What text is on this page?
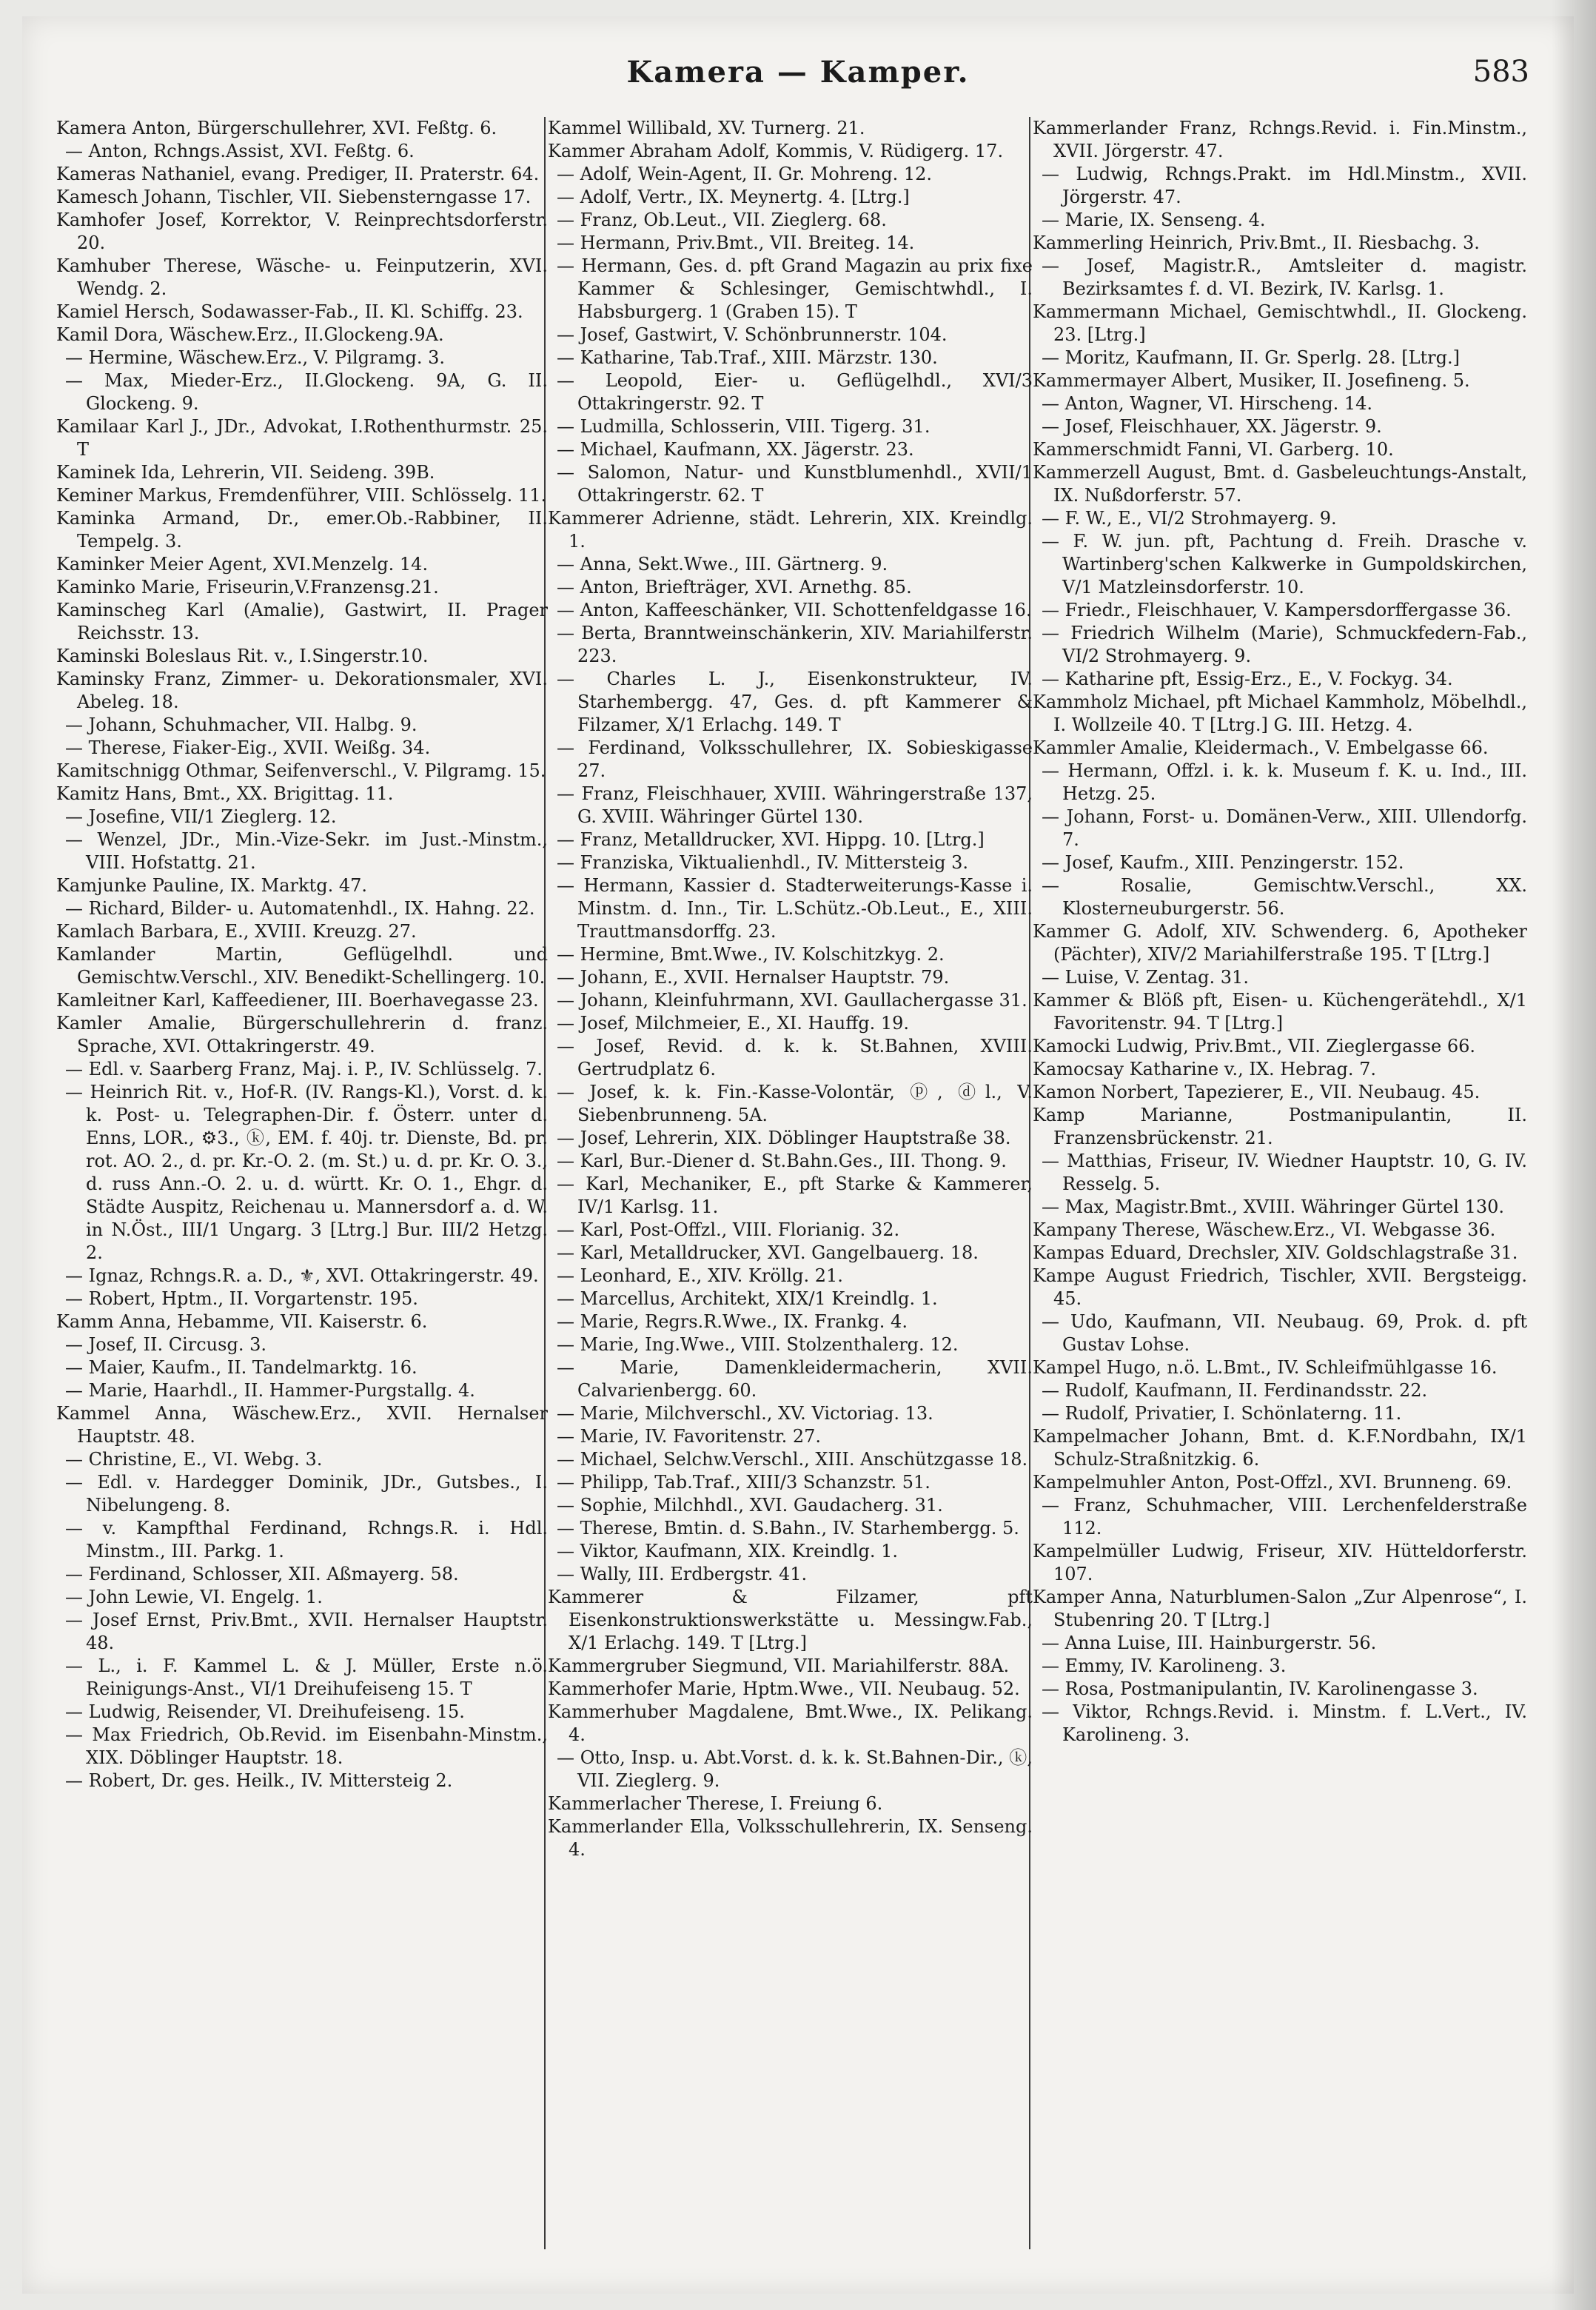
Kamera — Kamper.	583
Kamera Anton, Bürgerschullehrer, XVI. Feßtg. 6.
— Anton, Rchngs.Assist, XVI. Feßtg. 6.
Kameras Nathaniel, evang. Prediger, II. Praterstr. 64.
Kamesch Johann, Tischler, VII. Siebensterngasse 17.
Kamhofer Josef, Korrektor, V. Reinprechtsdorferstr. 20.
Kamhuber Therese, Wäsche- u. Feinputzerin, XVI. Wendg. 2.
Kamiel Hersch, Sodawasser-Fab., II. Kl. Schiffg. 23.
Kamil Dora, Wäschew.Erz., II.Glockeng.9A.
— Hermine, Wäschew.Erz., V. Pilgramg. 3.
— Max, Mieder-Erz., II.Glockeng. 9A, G. II. Glockeng. 9.
Kamilaar Karl J., JDr., Advokat, I.Rothenthurmstr. 25. T
Kaminek Ida, Lehrerin, VII. Seideng. 39B.
Keminer Markus, Fremdenführer, VIII. Schlösselg. 11.
Kaminka Armand, Dr., emer.Ob.-Rabbiner, II. Tempelg. 3.
Kaminker Meier Agent, XVI.Menzelg. 14.
Kaminko Marie, Friseurin,V.Franzensg.21.
Kaminscheg Karl (Amalie), Gastwirt, II. Prager Reichsstr. 13.
Kaminski Boleslaus Rit. v., I.Singerstr.10.
Kaminsky Franz, Zimmer- u. Dekorationsmaler, XVI. Abeleg. 18.
— Johann, Schuhmacher, VII. Halbg. 9.
— Therese, Fiaker-Eig., XVII. Weißg. 34.
Kamitschnigg Othmar, Seifenverschl., V. Pilgramg. 15.
Kamitz Hans, Bmt., XX. Brigittag. 11.
— Josefine, VII/1 Zieglerg. 12.
— Wenzel, JDr., Min.-Vize-Sekr. im Just.-Minstm., VIII. Hofstattg. 21.
Kamjunke Pauline, IX. Marktg. 47.
— Richard, Bilder- u. Automatenhdl., IX. Hahng. 22.
Kamlach Barbara, E., XVIII. Kreuzg. 27.
Kamlander Martin, Geflügelhdl. und Gemischtw.Verschl., XIV. Benedikt-Schellingerg. 10.
Kamleitner Karl, Kaffeediener, III. Boerhavegasse 23.
Kamler Amalie, Bürgerschullehrerin d. franz. Sprache, XVI. Ottakringerstr. 49.
— Edl. v. Saarberg Franz, Maj. i. P., IV. Schlüsselg. 7.
— Heinrich Rit. v., Hof-R. (IV. Rangs-Kl.), Vorst. d. k. k. Post- u. Telegraphen-Dir. f. Österr. unter d. Enns, LOR., ⚙3., ⓚ, EM. f. 40j. tr. Dienste, Bd. pr. rot. AO. 2., d. pr. Kr.-O. 2. (m. St.) u. d. pr. Kr. O. 3., d. russ Ann.-O. 2. u. d. württ. Kr. O. 1., Ehgr. d. Städte Auspitz, Reichenau u. Mannersdorf a. d. W. in N.Öst., III/1 Ungarg. 3 [Ltrg.] Bur. III/2 Hetzg. 2.
— Ignaz, Rchngs.R. a. D., ⚜, XVI. Ottakringerstr. 49.
— Robert, Hptm., II. Vorgartenstr. 195.
Kamm Anna, Hebamme, VII. Kaiserstr. 6.
— Josef, II. Circusg. 3.
— Maier, Kaufm., II. Tandelmarktg. 16.
— Marie, Haarhdl., II. Hammer-Purgstallg. 4.
Kammel Anna, Wäschew.Erz., XVII. Hernalser Hauptstr. 48.
— Christine, E., VI. Webg. 3.
— Edl. v. Hardegger Dominik, JDr., Gutsbes., I. Nibelungeng. 8.
— v. Kampfthal Ferdinand, Rchngs.R. i. Hdl. Minstm., III. Parkg. 1.
— Ferdinand, Schlosser, XII. Aßmayerg. 58.
— John Lewie, VI. Engelg. 1.
— Josef Ernst, Priv.Bmt., XVII. Hernalser Hauptstr. 48.
— L., i. F. Kammel L. & J. Müller, Erste n.ö. Reinigungs-Anst., VI/1 Dreihufeiseng 15. T
— Ludwig, Reisender, VI. Dreihufeiseng. 15.
— Max Friedrich, Ob.Revid. im Eisenbahn-Minstm., XIX. Döblinger Hauptstr. 18.
— Robert, Dr. ges. Heilk., IV. Mittersteig 2.
Kammel Willibald, XV. Turnerg. 21.
Kammer Abraham Adolf, Kommis, V. Rüdigerg. 17.
— Adolf, Wein-Agent, II. Gr. Mohreng. 12.
— Adolf, Vertr., IX. Meynertg. 4. [Ltrg.]
— Franz, Ob.Leut., VII. Zieglerg. 68.
— Hermann, Priv.Bmt., VII. Breiteg. 14.
— Hermann, Ges. d. pft Grand Magazin au prix fixe Kammer & Schlesinger, Gemischtwhdl., I. Habsburgerg. 1 (Graben 15). T
— Josef, Gastwirt, V. Schönbrunnerstr. 104.
— Katharine, Tab.Traf., XIII. Märzstr. 130.
— Leopold, Eier- u. Geflügelhdl., XVI/3 Ottakringerstr. 92. T
— Ludmilla, Schlosserin, VIII. Tigerg. 31.
— Michael, Kaufmann, XX. Jägerstr. 23.
— Salomon, Natur- und Kunstblumenhdl., XVII/1 Ottakringerstr. 62. T
Kammerer Adrienne, städt. Lehrerin, XIX. Kreindlg. 1.
— Anna, Sekt.Wwe., III. Gärtnerg. 9.
— Anton, Briefträger, XVI. Arnethg. 85.
— Anton, Kaffeeschänker, VII. Schottenfeldgasse 16.
— Berta, Branntweinschänkerin, XIV. Mariahilferstr. 223.
— Charles L. J., Eisenkonstrukteur, IV. Starhembergg. 47, Ges. d. pft Kammerer & Filzamer, X/1 Erlachg. 149. T
— Ferdinand, Volksschullehrer, IX. Sobieskigasse 27.
— Franz, Fleischhauer, XVIII. Währingerstraße 137, G. XVIII. Währinger Gürtel 130.
— Franz, Metalldrucker, XVI. Hippg. 10. [Ltrg.]
— Franziska, Viktualienhdl., IV. Mittersteig 3.
— Hermann, Kassier d. Stadterweiterungs-Kasse i. Minstm. d. Inn., Tir. L.Schütz.-Ob.Leut., E., XIII. Trauttmansdorffg. 23.
— Hermine, Bmt.Wwe., IV. Kolschitzkyg. 2.
— Johann, E., XVII. Hernalser Hauptstr. 79.
— Johann, Kleinfuhrmann, XVI. Gaullachergasse 31.
— Josef, Milchmeier, E., XI. Hauffg. 19.
— Josef, Revid. d. k. k. St.Bahnen, XVIII. Gertrudplatz 6.
— Josef, k. k. Fin.-Kasse-Volontär, ⓟ, ⓓl., V. Siebenbrunneng. 5A.
— Josef, Lehrerin, XIX. Döblinger Hauptstraße 38.
— Karl, Bur.-Diener d. St.Bahn.Ges., III. Thong. 9.
— Karl, Mechaniker, E., pft Starke & Kammerer, IV/1 Karlsg. 11.
— Karl, Post-Offzl., VIII. Florianig. 32.
— Karl, Metalldrucker, XVI. Gangelbauerg. 18.
— Leonhard, E., XIV. Kröllg. 21.
— Marcellus, Architekt, XIX/1 Kreindlg. 1.
— Marie, Regrs.R.Wwe., IX. Frankg. 4.
— Marie, Ing.Wwe., VIII. Stolzenthalerg. 12.
— Marie, Damenkleidermacherin, XVII. Calvarienbergg. 60.
— Marie, Milchverschl., XV. Victoriag. 13.
— Marie, IV. Favoritenstr. 27.
— Michael, Selchw.Verschl., XIII. Anschützgasse 18.
— Philipp, Tab.Traf., XIII/3 Schanzstr. 51.
— Sophie, Milchhdl., XVI. Gaudacherg. 31.
— Therese, Bmtin. d. S.Bahn., IV. Starhembergg. 5.
— Viktor, Kaufmann, XIX. Kreindlg. 1.
— Wally, III. Erdbergstr. 41.
Kammerer & Filzamer, pft Eisenkonstruktionswerkstätte u. Messingw.Fab., X/1 Erlachg. 149. T [Ltrg.]
Kammergruber Siegmund, VII. Mariahilferstr. 88A.
Kammerhofer Marie, Hptm.Wwe., VII. Neubaug. 52.
Kammerhuber Magdalene, Bmt.Wwe., IX. Pelikang. 4.
— Otto, Insp. u. Abt.Vorst. d. k. k. St.Bahnen-Dir., ⓚ, VII. Zieglerg. 9.
Kammerlacher Therese, I. Freiung 6.
Kammerlander Ella, Volksschullehrerin, IX. Senseng. 4.
Kammerlander Franz, Rchngs.Revid. i. Fin.Minstm., XVII. Jörgerstr. 47.
— Ludwig, Rchngs.Prakt. im Hdl.Minstm., XVII. Jörgerstr. 47.
— Marie, IX. Senseng. 4.
Kammerling Heinrich, Priv.Bmt., II. Riesbachg. 3.
— Josef, Magistr.R., Amtsleiter d. magistr. Bezirksamtes f. d. VI. Bezirk, IV. Karlsg. 1.
Kammermann Michael, Gemischtwhdl., II. Glockeng. 23. [Ltrg.]
— Moritz, Kaufmann, II. Gr. Sperlg. 28. [Ltrg.]
Kammermayer Albert, Musiker, II. Josefineng. 5.
— Anton, Wagner, VI. Hirscheng. 14.
— Josef, Fleischhauer, XX. Jägerstr. 9.
Kammerschmidt Fanni, VI. Garberg. 10.
Kammerzell August, Bmt. d. Gasbeleuchtungs-Anstalt, IX. Nußdorferstr. 57.
— F. W., E., VI/2 Strohmayerg. 9.
— F. W. jun. pft, Pachtung d. Freih. Drasche v. Wartinberg'schen Kalkwerke in Gumpoldskirchen, V/1 Matzleinsdorferstr. 10.
— Friedr., Fleischhauer, V. Kampersdorffergasse 36.
— Friedrich Wilhelm (Marie), Schmuckfedern-Fab., VI/2 Strohmayerg. 9.
— Katharine pft, Essig-Erz., E., V. Fockyg. 34.
Kammholz Michael, pft Michael Kammholz, Möbelhdl., I. Wollzeile 40. T [Ltrg.] G. III. Hetzg. 4.
Kammler Amalie, Kleidermach., V. Embelgasse 66.
— Hermann, Offzl. i. k. k. Museum f. K. u. Ind., III. Hetzg. 25.
— Johann, Forst- u. Domänen-Verw., XIII. Ullendorfg. 7.
— Josef, Kaufm., XIII. Penzingerstr. 152.
— Rosalie, Gemischtw.Verschl., XX. Klosterneuburgerstr. 56.
Kammer G. Adolf, XIV. Schwenderg. 6, Apotheker (Pächter), XIV/2 Mariahilferstraße 195. T [Ltrg.]
— Luise, V. Zentag. 31.
Kammer & Blöß pft, Eisen- u. Küchengerätehdl., X/1 Favoritenstr. 94. T [Ltrg.]
Kamocki Ludwig, Priv.Bmt., VII. Zieglergasse 66.
Kamocsay Katharine v., IX. Hebrag. 7.
Kamon Norbert, Tapezierer, E., VII. Neubaug. 45.
Kamp Marianne, Postmanipulantin, II. Franzensbrückenstr. 21.
— Matthias, Friseur, IV. Wiedner Hauptstr. 10, G. IV. Resselg. 5.
— Max, Magistr.Bmt., XVIII. Währinger Gürtel 130.
Kampany Therese, Wäschew.Erz., VI. Webgasse 36.
Kampas Eduard, Drechsler, XIV. Goldschlagstraße 31.
Kampe August Friedrich, Tischler, XVII. Bergsteigg. 45.
— Udo, Kaufmann, VII. Neubaug. 69, Prok. d. pft Gustav Lohse.
Kampel Hugo, n.ö. L.Bmt., IV. Schleifmühlgasse 16.
— Rudolf, Kaufmann, II. Ferdinandsstr. 22.
— Rudolf, Privatier, I. Schönlaterng. 11.
Kampelmacher Johann, Bmt. d. K.F.Nordbahn, IX/1 Schulz-Straßnitzkig. 6.
Kampelmuhler Anton, Post-Offzl., XVI. Brunneng. 69.
— Franz, Schuhmacher, VIII. Lerchenfelderstraße 112.
Kampelmüller Ludwig, Friseur, XIV. Hütteldorferstr. 107.
Kamper Anna, Naturblumen-Salon „Zur Alpenrose“, I. Stubenring 20. T [Ltrg.]
— Anna Luise, III. Hainburgerstr. 56.
— Emmy, IV. Karolineng. 3.
— Rosa, Postmanipulantin, IV. Karolinengasse 3.
— Viktor, Rchngs.Revid. i. Minstm. f. L.Vert., IV. Karolineng. 3.
